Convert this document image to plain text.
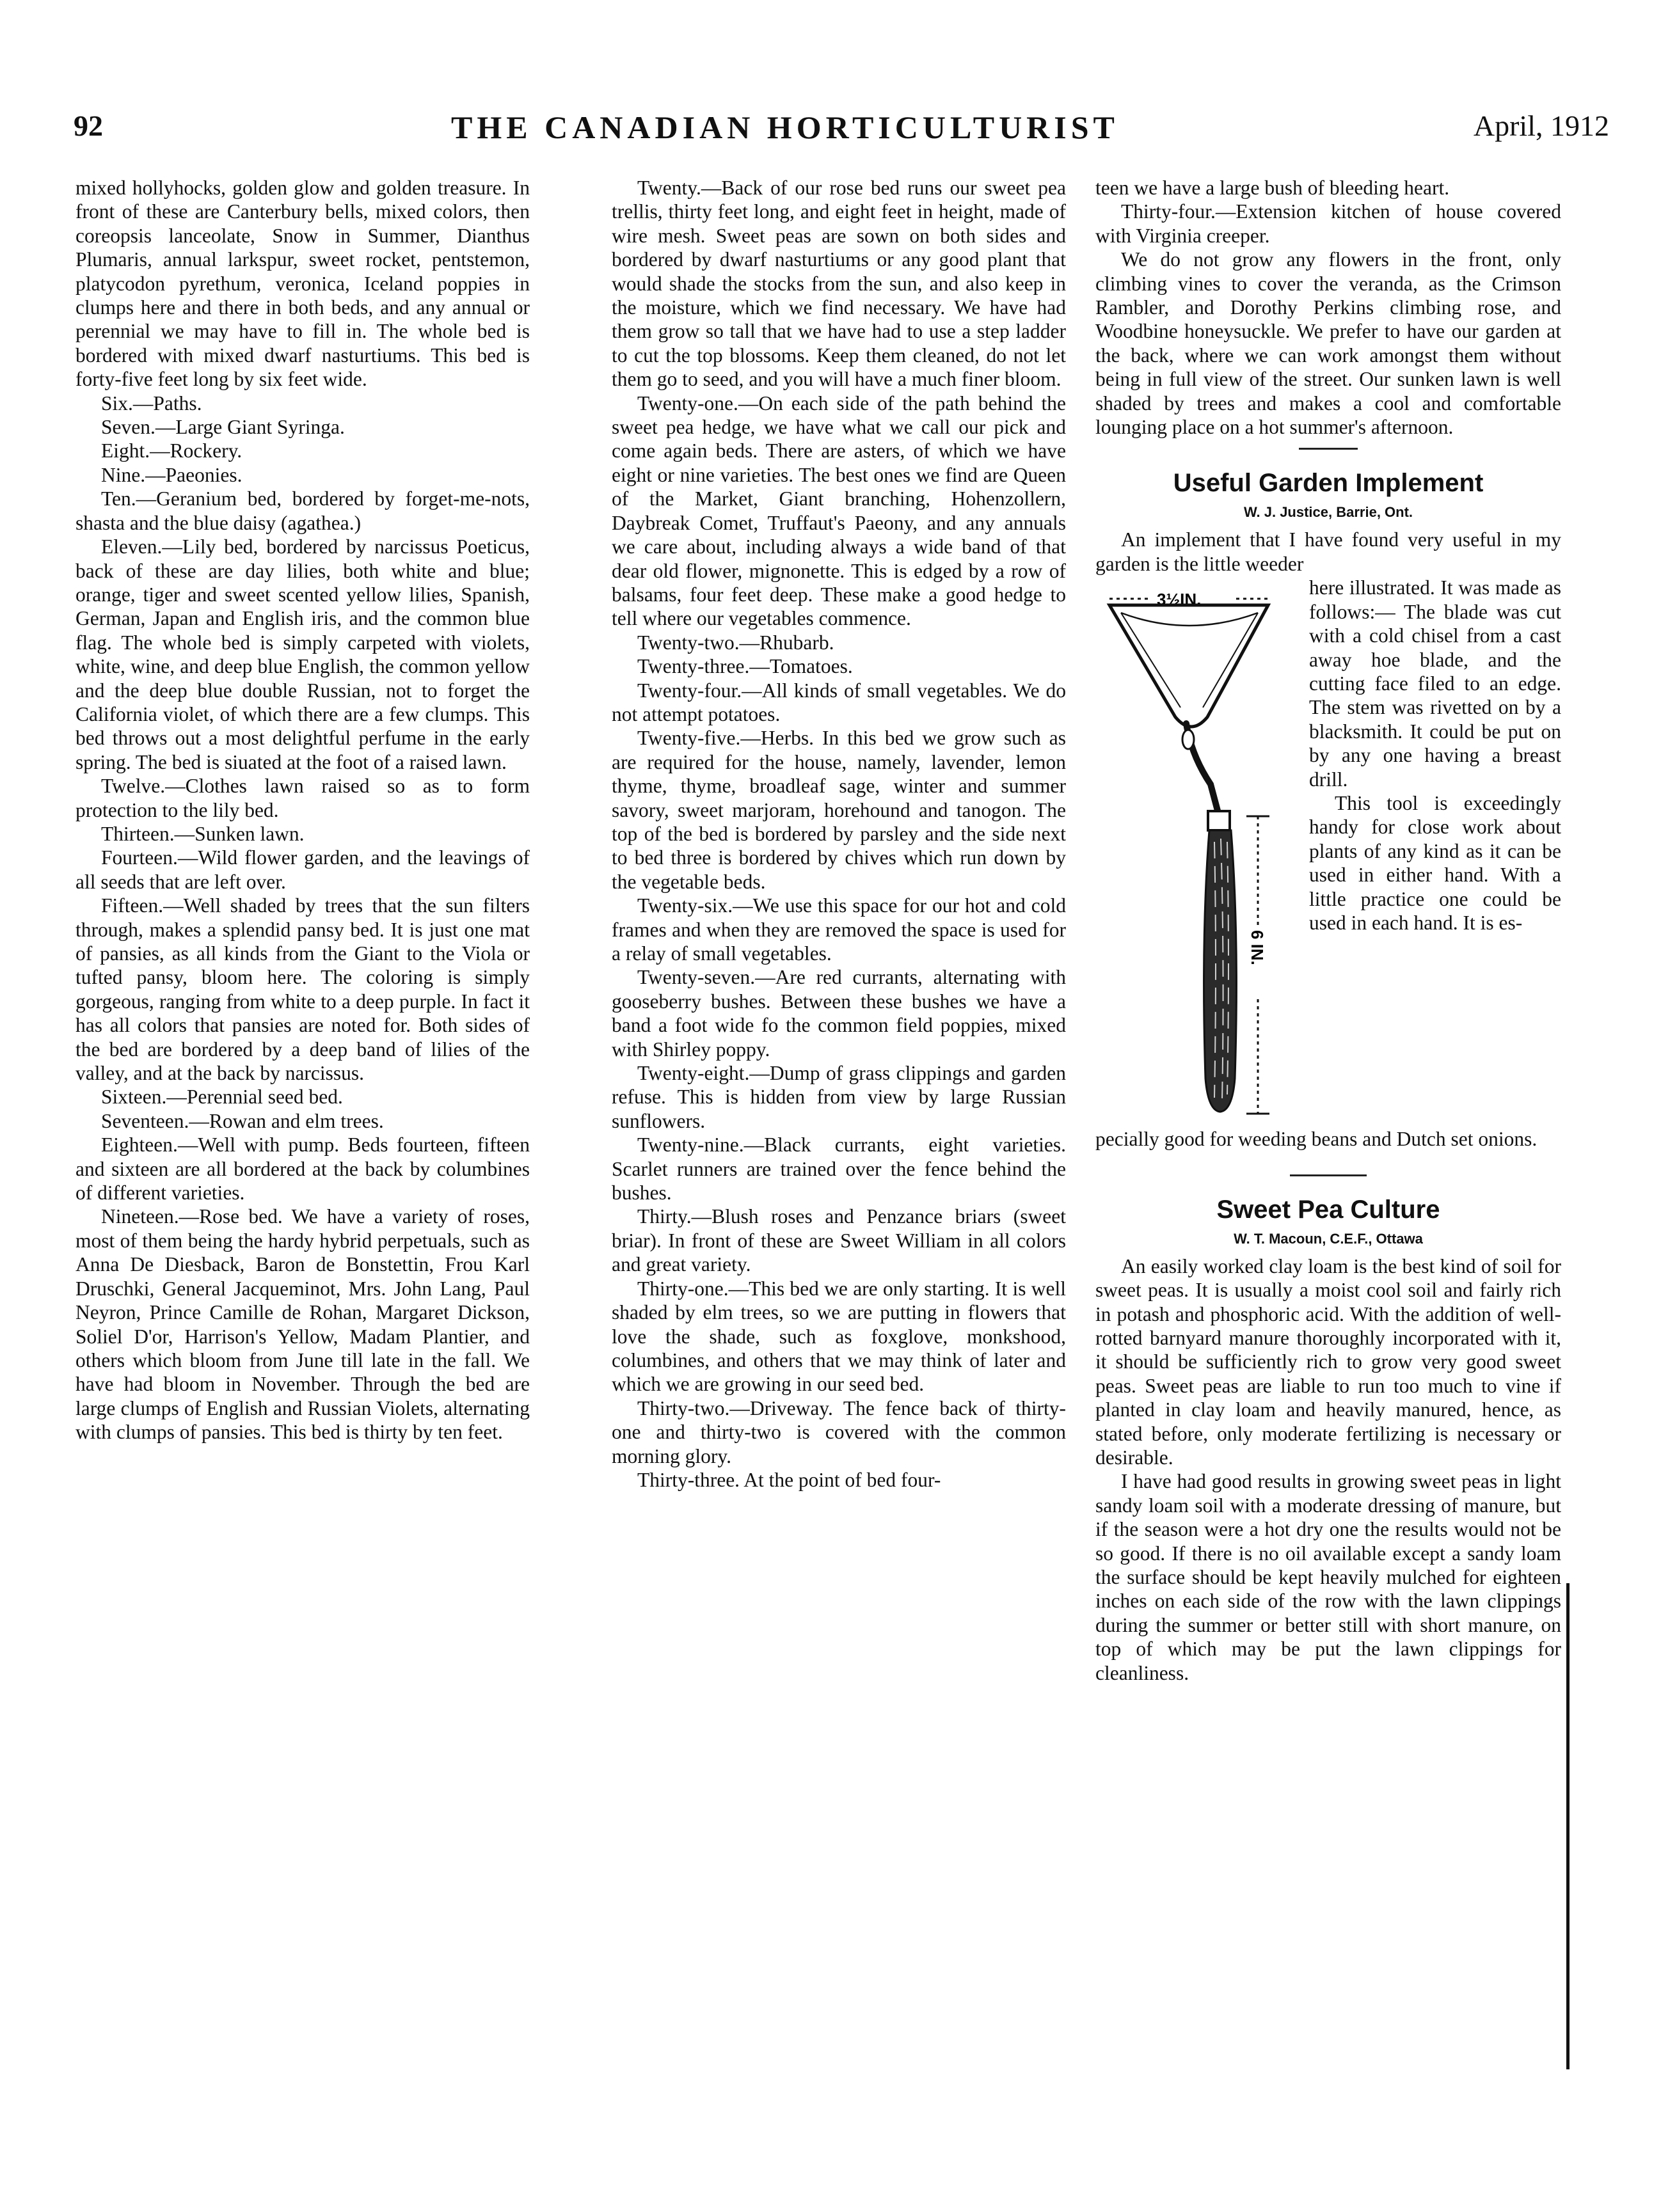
92	THE CANADIAN HORTICULTURIST	April, 1912

mixed hollyhocks, golden glow and golden treasure. In front of these are Canterbury bells, mixed colors, then coreopsis lanceolate, Snow in Summer, Dianthus Plumaris, annual larkspur, sweet rocket, pentstemon, platycodon pyrethum, veronica, Iceland poppies in clumps here and there in both beds, and any annual or perennial we may have to fill in. The whole bed is bordered with mixed dwarf nasturtiums. This bed is forty-five feet long by six feet wide.

Six.—Paths.

Seven.—Large Giant Syringa.

Eight.—Rockery.

Nine.—Paeonies.

Ten.—Geranium bed, bordered by forget-me-nots, shasta and the blue daisy (agathea.)

Eleven.—Lily bed, bordered by narcissus Poeticus, back of these are day lilies, both white and blue; orange, tiger and sweet scented yellow lilies, Spanish, German, Japan and English iris, and the common blue flag. The whole bed is simply carpeted with violets, white, wine, and deep blue English, the common yellow and the deep blue double Russian, not to forget the California violet, of which there are a few clumps. This bed throws out a most delightful perfume in the early spring. The bed is siuated at the foot of a raised lawn.

Twelve.—Clothes lawn raised so as to form protection to the lily bed.

Thirteen.—Sunken lawn.

Fourteen.—Wild flower garden, and the leavings of all seeds that are left over.

Fifteen.—Well shaded by trees that the sun filters through, makes a splendid pansy bed. It is just one mat of pansies, as all kinds from the Giant to the Viola or tufted pansy, bloom here. The coloring is simply gorgeous, ranging from white to a deep purple. In fact it has all colors that pansies are noted for. Both sides of the bed are bordered by a deep band of lilies of the valley, and at the back by narcissus.

Sixteen.—Perennial seed bed.

Seventeen.—Rowan and elm trees.

Eighteen.—Well with pump. Beds fourteen, fifteen and sixteen are all bordered at the back by columbines of different varieties.

Nineteen.—Rose bed. We have a variety of roses, most of them being the hardy hybrid perpetuals, such as Anna De Diesback, Baron de Bonstettin, Frou Karl Druschki, General Jacqueminot, Mrs. John Lang, Paul Neyron, Prince Camille de Rohan, Margaret Dickson, Soliel D'or, Harrison's Yellow, Madam Plantier, and others which bloom from June till late in the fall. We have had bloom in November. Through the bed are large clumps of English and Russian Violets, alternating with clumps of pansies. This bed is thirty by ten feet.

Twenty.—Back of our rose bed runs our sweet pea trellis, thirty feet long, and eight feet in height, made of wire mesh. Sweet peas are sown on both sides and bordered by dwarf nasturtiums or any good plant that would shade the stocks from the sun, and also keep in the moisture, which we find necessary. We have had them grow so tall that we have had to use a step ladder to cut the top blossoms. Keep them cleaned, do not let them go to seed, and you will have a much finer bloom.

Twenty-one.—On each side of the path behind the sweet pea hedge, we have what we call our pick and come again beds. There are asters, of which we have eight or nine varieties. The best ones we find are Queen of the Market, Giant branching, Hohenzollern, Daybreak Comet, Truffaut's Paeony, and any annuals we care about, including always a wide band of that dear old flower, mignonette. This is edged by a row of balsams, four feet deep. These make a good hedge to tell where our vegetables commence.

Twenty-two.—Rhubarb.

Twenty-three.—Tomatoes.

Twenty-four.—All kinds of small vegetables. We do not attempt potatoes.

Twenty-five.—Herbs. In this bed we grow such as are required for the house, namely, lavender, lemon thyme, thyme, broadleaf sage, winter and summer savory, sweet marjoram, horehound and tanogon. The top of the bed is bordered by parsley and the side next to bed three is bordered by chives which run down by the vegetable beds.

Twenty-six.—We use this space for our hot and cold frames and when they are removed the space is used for a relay of small vegetables.

Twenty-seven.—Are red currants, alternating with gooseberry bushes. Between these bushes we have a band a foot wide fo the common field poppies, mixed with Shirley poppy.

Twenty-eight.—Dump of grass clippings and garden refuse. This is hidden from view by large Russian sunflowers.

Twenty-nine.—Black currants, eight varieties. Scarlet runners are trained over the fence behind the bushes.

Thirty.—Blush roses and Penzance briars (sweet briar). In front of these are Sweet William in all colors and great variety.

Thirty-one.—This bed we are only starting. It is well shaded by elm trees, so we are putting in flowers that love the shade, such as foxglove, monkshood, columbines, and others that we may think of later and which we are growing in our seed bed.

Thirty-two.—Driveway. The fence back of thirty-one and thirty-two is covered with the common morning glory.

Thirty-three. At the point of bed four-

teen we have a large bush of bleeding heart.

Thirty-four.—Extension kitchen of house covered with Virginia creeper.

We do not grow any flowers in the front, only climbing vines to cover the veranda, as the Crimson Rambler, and Dorothy Perkins climbing rose, and Woodbine honeysuckle. We prefer to have our garden at the back, where we can work amongst them without being in full view of the street. Our sunken lawn is well shaded by trees and makes a cool and comfortable lounging place on a hot summer's afternoon.

Useful Garden Implement
W. J. Justice, Barrie, Ont.

An implement that I have found very useful in my garden is the little weeder

3½IN.
6 IN.

here illustrated. It was made as follows:— The blade was cut with a cold chisel from a cast away hoe blade, and the cutting face filed to an edge. The stem was rivetted on by a blacksmith. It could be put on by any one having a breast drill.

This tool is exceedingly handy for close work about plants of any kind as it can be used in either hand. With a little practice one could be used in each hand. It is es-

pecially good for weeding beans and Dutch set onions.

Sweet Pea Culture
W. T. Macoun, C.E.F., Ottawa

An easily worked clay loam is the best kind of soil for sweet peas. It is usually a moist cool soil and fairly rich in potash and phosphoric acid. With the addition of well-rotted barnyard manure thoroughly incorporated with it, it should be sufficiently rich to grow very good sweet peas. Sweet peas are liable to run too much to vine if planted in clay loam and heavily manured, hence, as stated before, only moderate fertilizing is necessary or desirable.

I have had good results in growing sweet peas in light sandy loam soil with a moderate dressing of manure, but if the season were a hot dry one the results would not be so good. If there is no oil available except a sandy loam the surface should be kept heavily mulched for eighteen inches on each side of the row with the lawn clippings during the summer or better still with short manure, on top of which may be put the lawn clippings for cleanliness.
